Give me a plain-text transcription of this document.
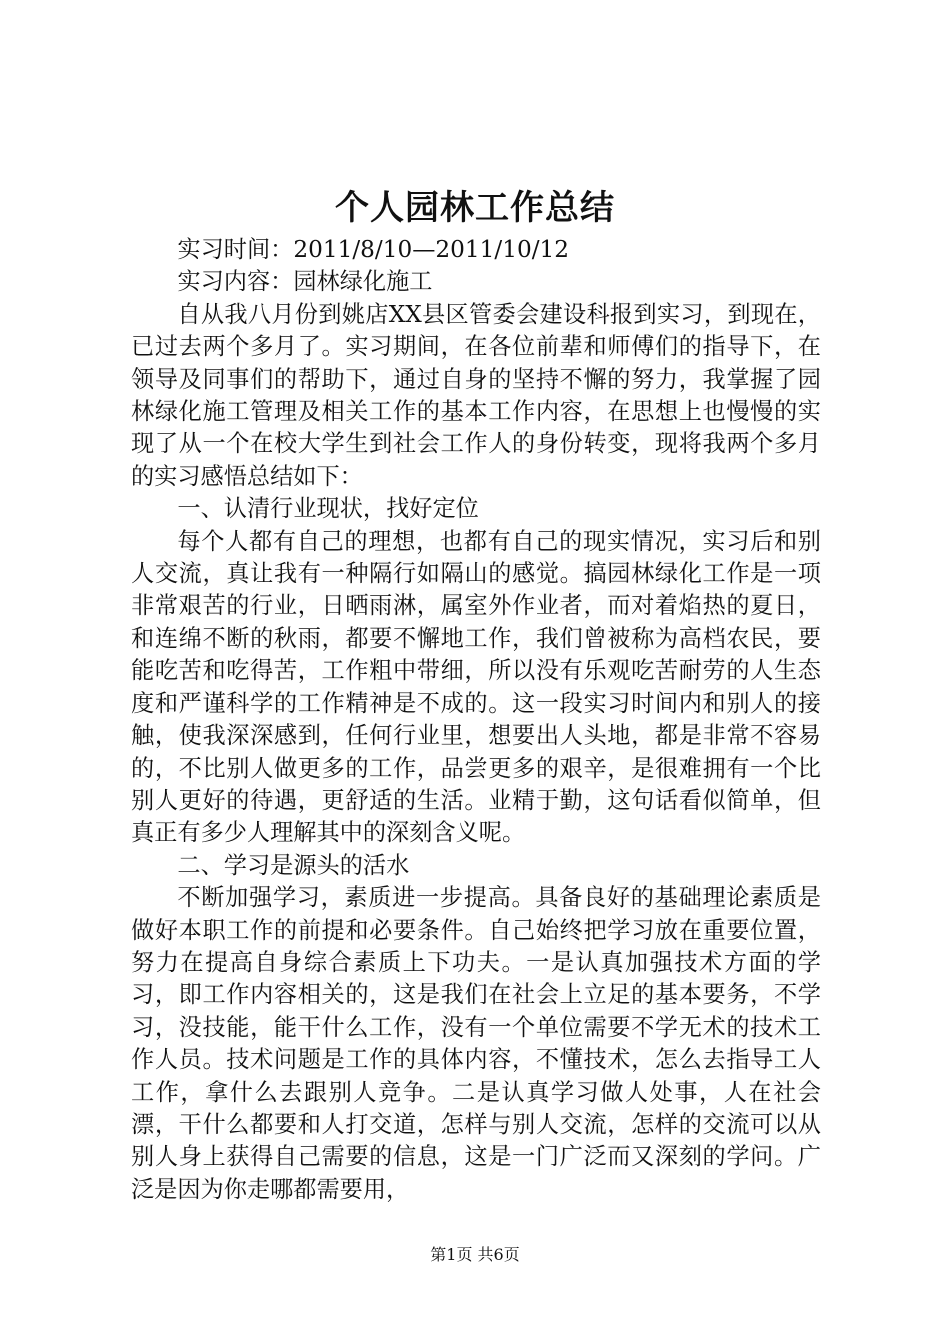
个人园林工作总结

实习时间：2011/8/10—2011/10/12

实习内容：园林绿化施工

自从我八月份到姚店XX县区管委会建设科报到实习，到现在，已过去两个多月了。实习期间，在各位前辈和师傅们的指导下，在领导及同事们的帮助下，通过自身的坚持不懈的努力，我掌握了园林绿化施工管理及相关工作的基本工作内容，在思想上也慢慢的实现了从一个在校大学生到社会工作人的身份转变，现将我两个多月的实习感悟总结如下：

一、认清行业现状，找好定位

每个人都有自己的理想，也都有自己的现实情况，实习后和别人交流，真让我有一种隔行如隔山的感觉。搞园林绿化工作是一项非常艰苦的行业，日晒雨淋，属室外作业者，而对着焰热的夏日，和连绵不断的秋雨，都要不懈地工作，我们曾被称为高档农民，要能吃苦和吃得苦，工作粗中带细，所以没有乐观吃苦耐劳的人生态度和严谨科学的工作精神是不成的。这一段实习时间内和别人的接触，使我深深感到，任何行业里，想要出人头地，都是非常不容易的，不比别人做更多的工作，品尝更多的艰辛，是很难拥有一个比别人更好的待遇，更舒适的生活。业精于勤，这句话看似简单，但真正有多少人理解其中的深刻含义呢。

二、学习是源头的活水

不断加强学习，素质进一步提高。具备良好的基础理论素质是做好本职工作的前提和必要条件。自己始终把学习放在重要位置，努力在提高自身综合素质上下功夫。一是认真加强技术方面的学习，即工作内容相关的，这是我们在社会上立足的基本要务，不学习，没技能，能干什么工作，没有一个单位需要不学无术的技术工作人员。技术问题是工作的具体内容，不懂技术，怎么去指导工人工作，拿什么去跟别人竞争。二是认真学习做人处事，人在社会漂，干什么都要和人打交道，怎样与别人交流，怎样的交流可以从别人身上获得自己需要的信息，这是一门广泛而又深刻的学问。广泛是因为你走哪都需要用，

第1页 共6页
